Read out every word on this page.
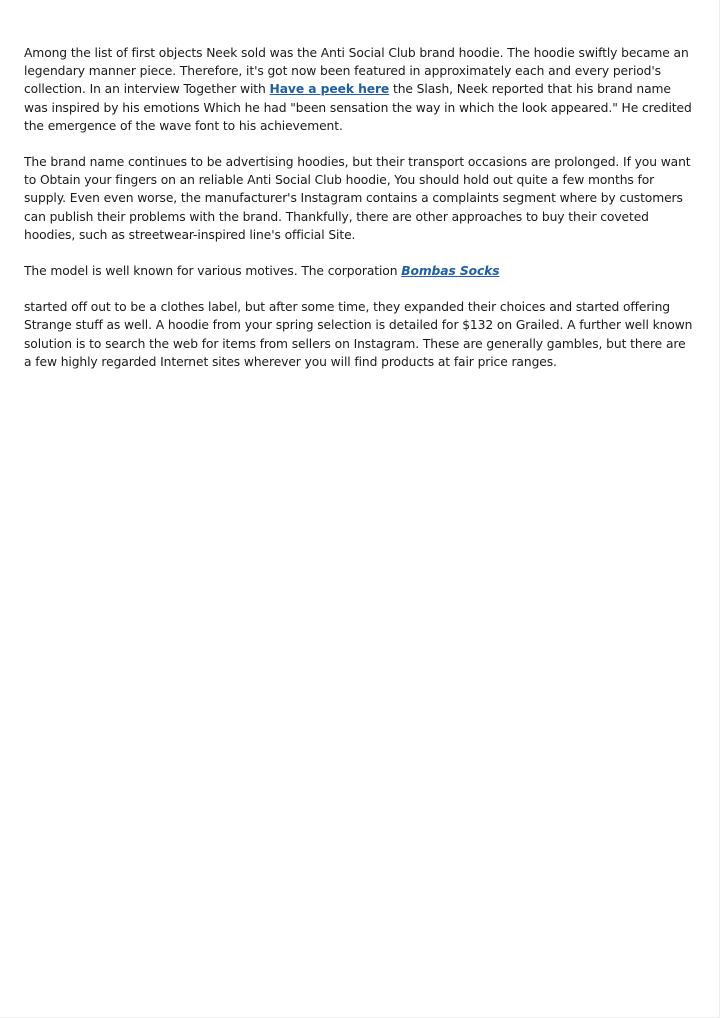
Among the list of first objects Neek sold was the Anti Social Club brand hoodie. The hoodie swiftly became an legendary manner piece. Therefore, it's got now been featured in approximately each and every period's collection. In an interview Together with Have a peek here the Slash, Neek reported that his brand name was inspired by his emotions Which he had "been sensation the way in which the look appeared." He credited the emergence of the wave font to his achievement.

The brand name continues to be advertising hoodies, but their transport occasions are prolonged. If you want to Obtain your fingers on an reliable Anti Social Club hoodie, You should hold out quite a few months for supply. Even even worse, the manufacturer's Instagram contains a complaints segment where by customers can publish their problems with the brand. Thankfully, there are other approaches to buy their coveted hoodies, such as streetwear-inspired line's official Site.

The model is well known for various motives. The corporation Bombas Socks

started off out to be a clothes label, but after some time, they expanded their choices and started offering Strange stuff as well. A hoodie from your spring selection is detailed for $132 on Grailed. A further well known solution is to search the web for items from sellers on Instagram. These are generally gambles, but there are a few highly regarded Internet sites wherever you will find products at fair price ranges.
